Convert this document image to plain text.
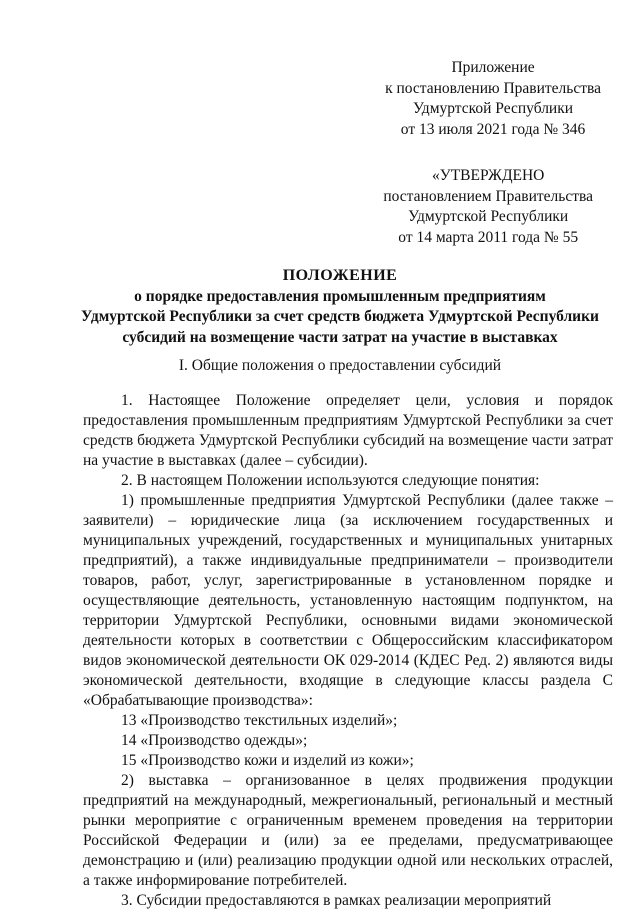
Приложение
к постановлению Правительства
Удмуртской Республики
от 13 июля 2021 года № 346
«УТВЕРЖДЕНО
постановлением Правительства
Удмуртской Республики
от 14 марта 2011 года № 55
ПОЛОЖЕНИЕ
о порядке предоставления промышленным предприятиям
Удмуртской Республики за счет средств бюджета Удмуртской Республики
субсидий на возмещение части затрат на участие в выставках
I. Общие положения о предоставлении субсидий

1. Настоящее Положение определяет цели, условия и порядок предоставления промышленным предприятиям Удмуртской Республики за счет средств бюджета Удмуртской Республики субсидий на возмещение части затрат на участие в выставках (далее – субсидии).

2. В настоящем Положении используются следующие понятия:

1) промышленные предприятия Удмуртской Республики (далее также – заявители) – юридические лица (за исключением государственных и муниципальных учреждений, государственных и муниципальных унитарных предприятий), а также индивидуальные предприниматели – производители товаров, работ, услуг, зарегистрированные в установленном порядке и осуществляющие деятельность, установленную настоящим подпунктом, на территории Удмуртской Республики, основными видами экономической деятельности которых в соответствии с Общероссийским классификатором видов экономической деятельности ОК 029-2014 (КДЕС Ред. 2) являются виды экономической деятельности, входящие в следующие классы раздела С «Обрабатывающие производства»:

13 «Производство текстильных изделий»;

14 «Производство одежды»;

15 «Производство кожи и изделий из кожи»;

2) выставка – организованное в целях продвижения продукции предприятий на международный, межрегиональный, региональный и местный рынки мероприятие с ограниченным временем проведения на территории Российской Федерации и (или) за ее пределами, предусматривающее демонстрацию и (или) реализацию продукции одной или нескольких отраслей, а также информирование потребителей.

3. Субсидии предоставляются в рамках реализации мероприятий
